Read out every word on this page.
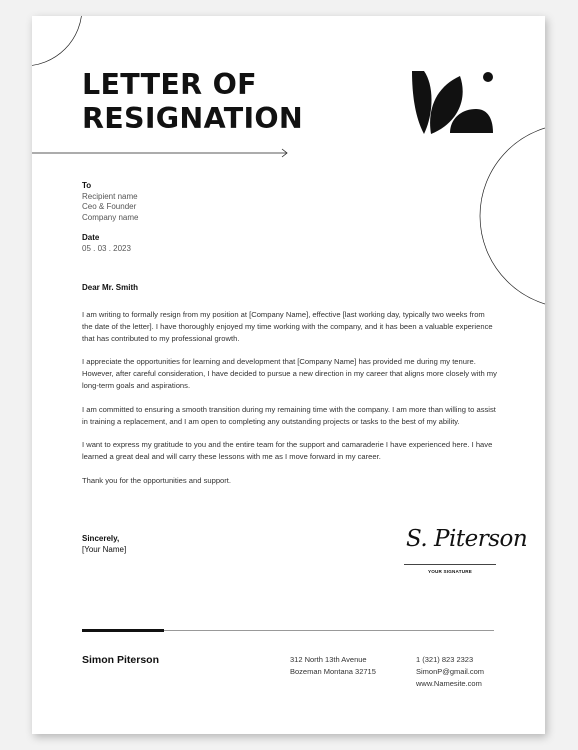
LETTER OF
RESIGNATION
To
Recipient name
Ceo & Founder
Company name
Date
05 . 03 . 2023
Dear Mr. Smith

I am writing to formally resign from my position at [Company Name], effective [last working day, typically two weeks from the date of the letter]. I have thoroughly enjoyed my time working with the company, and it has been a valuable experience that has contributed to my professional growth.

I appreciate the opportunities for learning and development that [Company Name] has provided me during my tenure. However, after careful consideration, I have decided to pursue a new direction in my career that aligns more closely with my long-term goals and aspirations.

I am committed to ensuring a smooth transition during my remaining time with the company. I am more than willing to assist in training a replacement, and I am open to completing any outstanding projects or tasks to the best of my ability.

I want to express my gratitude to you and the entire team for the support and camaraderie I have experienced here. I have learned a great deal and will carry these lessons with me as I move forward in my career.

Thank you for the opportunities and support.

Sincerely,
[Your Name]	S. Piterson
YOUR SIGNATURE
Simon Piterson	312 North 13th Avenue
Bozeman Montana 32715
1 (321) 823 2323
SimonP@gmail.com
www.Namesite.com
